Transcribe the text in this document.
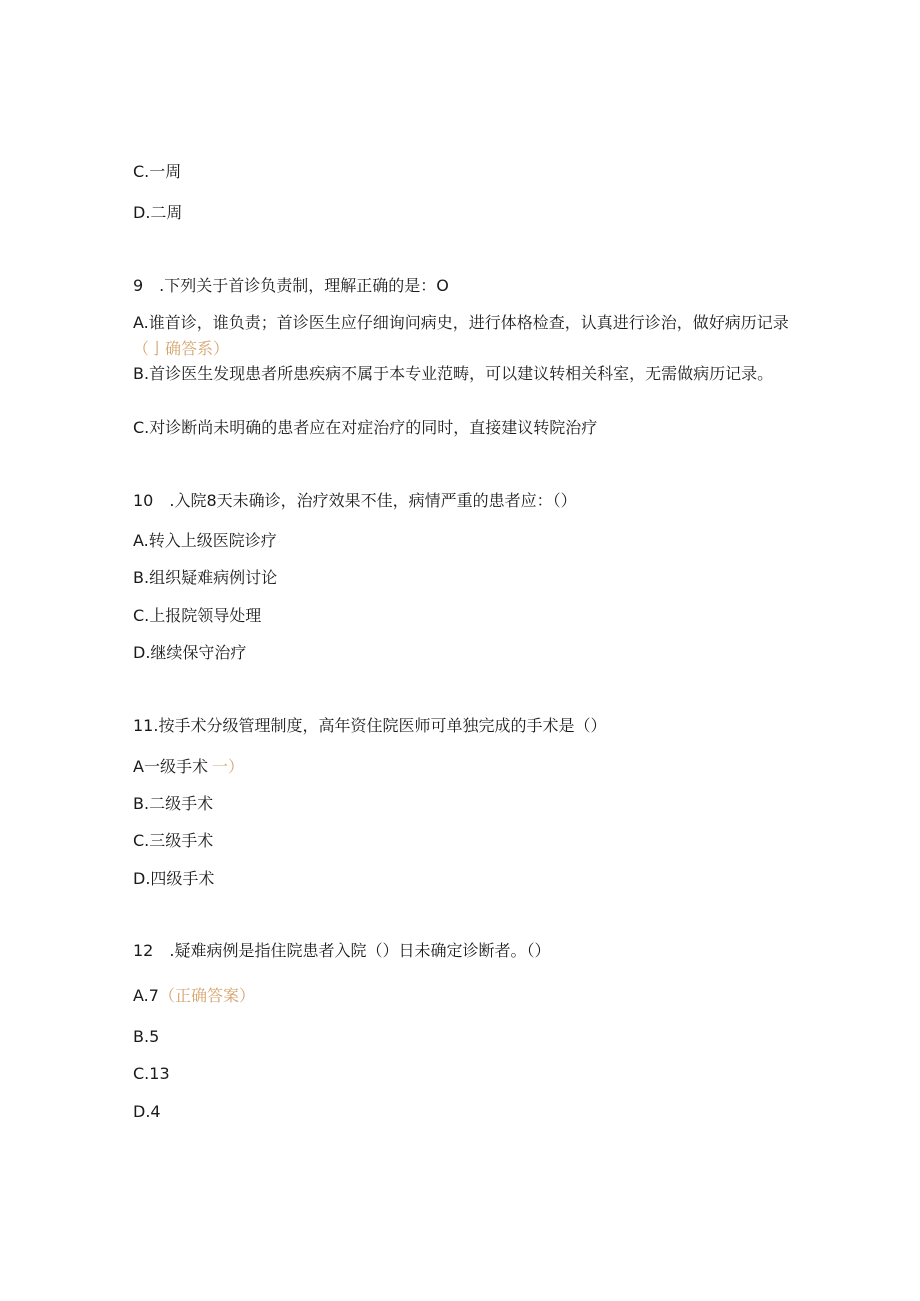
C.一周
D.二周
9　.下列关于首诊负责制，理解正确的是：O
A.谁首诊，谁负责；首诊医生应仔细询问病史，进行体格检查，认真进行诊治，做好病历记录（亅确答系）
B.首诊医生发现患者所患疾病不属于本专业范畴，可以建议转相关科室，无需做病历记录。
C.对诊断尚未明确的患者应在对症治疗的同时，直接建议转院治疗
10　.入院8天未确诊，治疗效果不佳，病情严重的患者应：（）
A.转入上级医院诊疗
B.组织疑难病例讨论
C.上报院领导处理
D.继续保守治疗
11.按手术分级管理制度，高年资住院医师可单独完成的手术是（）
A一级手术 一）
B.二级手术
C.三级手术
D.四级手术
12　.疑难病例是指住院患者入院（）日未确定诊断者。（）
A.7（正确答案）
B.5
C.13
D.4
